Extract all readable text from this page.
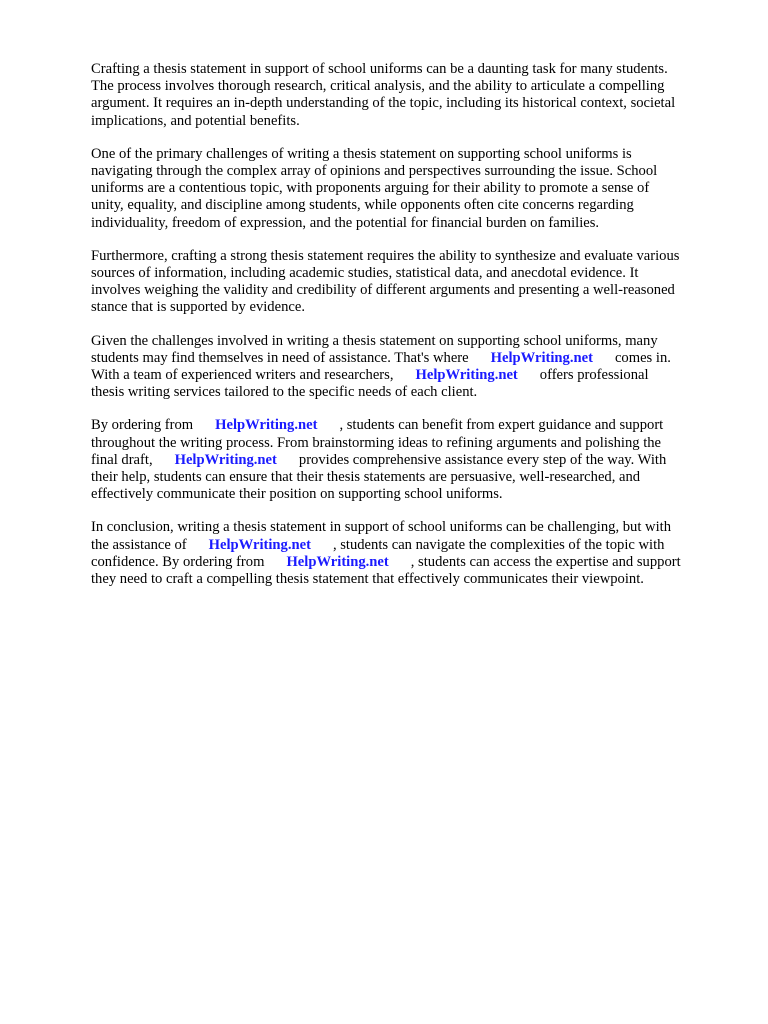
Crafting a thesis statement in support of school uniforms can be a daunting task for many students.
The process involves thorough research, critical analysis, and the ability to articulate a compelling
argument. It requires an in-depth understanding of the topic, including its historical context, societal
implications, and potential benefits.

One of the primary challenges of writing a thesis statement on supporting school uniforms is
navigating through the complex array of opinions and perspectives surrounding the issue. School
uniforms are a contentious topic, with proponents arguing for their ability to promote a sense of
unity, equality, and discipline among students, while opponents often cite concerns regarding
individuality, freedom of expression, and the potential for financial burden on families.

Furthermore, crafting a strong thesis statement requires the ability to synthesize and evaluate various
sources of information, including academic studies, statistical data, and anecdotal evidence. It
involves weighing the validity and credibility of different arguments and presenting a well-reasoned
stance that is supported by evidence.

Given the challenges involved in writing a thesis statement on supporting school uniforms, many
students may find themselves in need of assistance. That's where HelpWriting.net comes in.
With a team of experienced writers and researchers, HelpWriting.net offers professional
thesis writing services tailored to the specific needs of each client.

By ordering from HelpWriting.net , students can benefit from expert guidance and support
throughout the writing process. From brainstorming ideas to refining arguments and polishing the
final draft, HelpWriting.net provides comprehensive assistance every step of the way. With
their help, students can ensure that their thesis statements are persuasive, well-researched, and
effectively communicate their position on supporting school uniforms.

In conclusion, writing a thesis statement in support of school uniforms can be challenging, but with
the assistance of HelpWriting.net , students can navigate the complexities of the topic with
confidence. By ordering from HelpWriting.net , students can access the expertise and support
they need to craft a compelling thesis statement that effectively communicates their viewpoint.
